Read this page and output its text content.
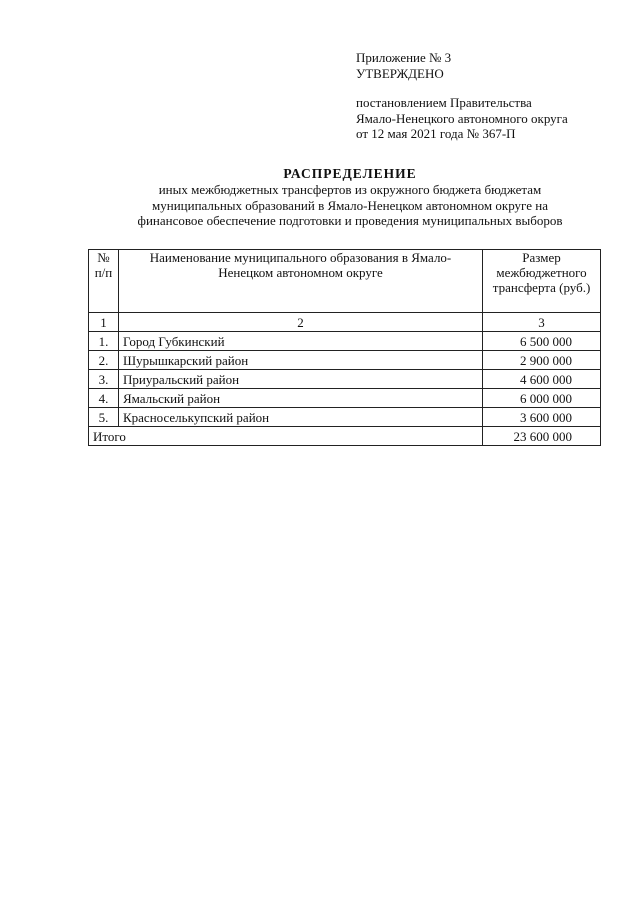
Приложение № 3
УТВЕРЖДЕНО
постановлением Правительства
Ямало-Ненецкого автономного округа
от 12 мая 2021 года № 367-П
РАСПРЕДЕЛЕНИЕ
иных межбюджетных трансфертов из окружного бюджета бюджетам
муниципальных образований в Ямало-Ненецком автономном округе на
финансовое обеспечение подготовки и проведения муниципальных выборов
№ п/п	Наименование муниципального образования в Ямало-Ненецком автономном округе	Размер межбюджетного трансферта (руб.)
1	2	3
1.	Город Губкинский	6 500 000
2.	Шурышкарский район	2 900 000
3.	Приуральский район	4 600 000
4.	Ямальский район	6 000 000
5.	Красноселькупский район	3 600 000
Итого		23 600 000
